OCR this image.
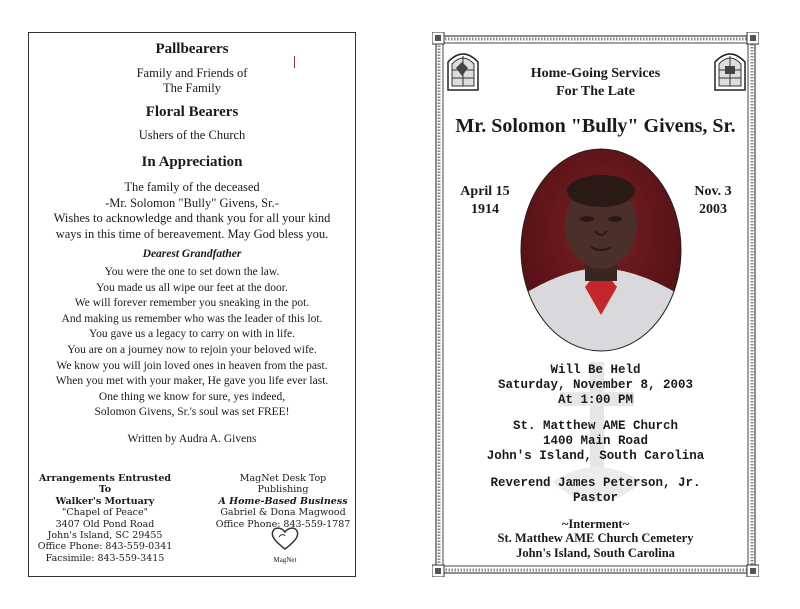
Pallbearers
Family and Friends of
The Family
Floral Bearers
Ushers of the Church
In Appreciation
The family of the deceased
-Mr. Solomon "Bully" Givens, Sr.-
Wishes to acknowledge and thank you for all your kind
ways in this time of bereavement. May God bless you.
Dearest Grandfather
You were the one to set down the law.
You made us all wipe our feet at the door.
We will forever remember you sneaking in the pot.
And making us remember who was the leader of this lot.
You gave us a legacy to carry on with in life.
You are on a journey now to rejoin your beloved wife.
We know you will join loved ones in heaven from the past.
When you met with your maker, He gave you life ever last.
One thing we know for sure, yes indeed,
Solomon Givens, Sr.'s soul was set FREE!
Written by Audra A. Givens
Arrangements Entrusted To
Walker's Mortuary
"Chapel of Peace"
3407 Old Pond Road
John's Island, SC 29455
Office Phone: 843-559-0341
Facsimile: 843-559-3415
MagNet Desk Top Publishing
A Home-Based Business
Gabriel & Dona Magwood
Office Phone: 843-559-1787
MagNet
Home-Going Services
For The Late
Mr. Solomon "Bully" Givens, Sr.
April 15
1914
Nov. 3
2003
Will Be Held
Saturday, November 8, 2003
At 1:00 PM
St. Matthew AME Church
1400 Main Road
John's Island, South Carolina
Reverend James Peterson, Jr.
Pastor
~Interment~
St. Matthew AME Church Cemetery
John's Island, South Carolina
